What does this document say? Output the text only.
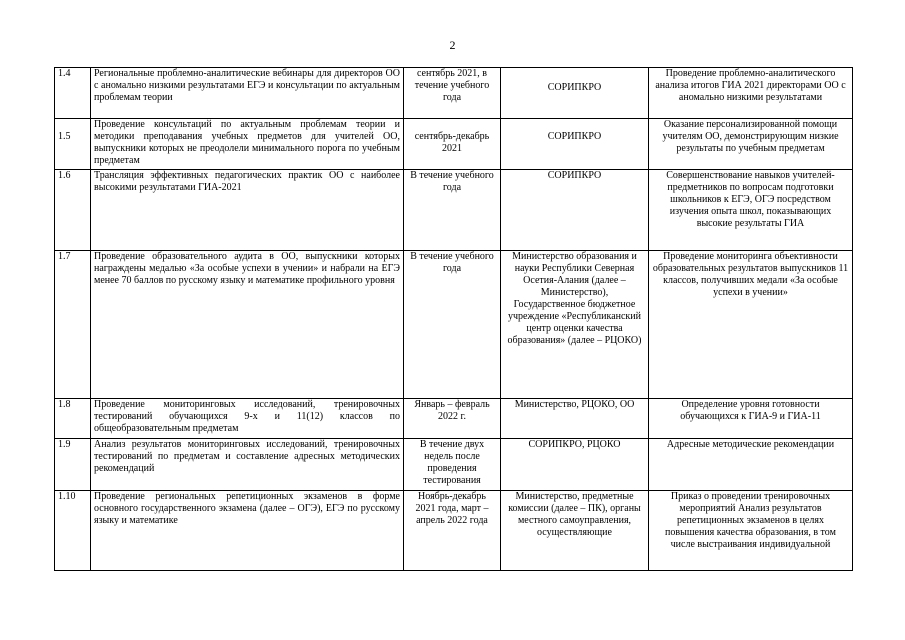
2
1.4	Региональные проблемно-аналитические вебинары для директоров ОО с аномально низкими результатами ЕГЭ и консультации по актуальным проблемам теории	сентябрь 2021, в течение учебного года	СОРИПКРО	Проведение проблемно-аналитического анализа итогов ГИА 2021 директорами ОО с аномально низкими результатами
1.5	Проведение консультаций по актуальным проблемам теории и методики преподавания учебных предметов для учителей ОО, выпускники которых не преодолели минимального порога по учебным предметам	сентябрь-декабрь 2021	СОРИПКРО	Оказание персонализированной помощи учителям ОО, демонстрирующим низкие результаты по учебным предметам
1.6	Трансляция эффективных педагогических практик ОО с наиболее высокими результатами ГИА-2021	В течение учебного года	СОРИПКРО	Совершенствование навыков учителей-предметников по вопросам подготовки школьников к ЕГЭ, ОГЭ посредством изучения опыта школ, показывающих высокие результаты ГИА
1.7	Проведение образовательного аудита в ОО, выпускники которых награждены медалью «За особые успехи в учении» и набрали на ЕГЭ менее 70 баллов по русскому языку и математике профильного уровня	В течение учебного года	Министерство образования и науки Республики Северная Осетия-Алания (далее – Министерство), Государственное бюджетное учреждение «Республиканский центр оценки качества образования» (далее – РЦОКО)	Проведение мониторинга объективности образовательных результатов выпускников 11 классов, получивших медали «За особые успехи в учении»
1.8	Проведение мониторинговых исследований, тренировочных тестирований обучающихся 9-х и 11(12) классов по общеобразовательным предметам	Январь – февраль 2022 г.	Министерство, РЦОКО, ОО	Определение уровня готовности обучающихся к ГИА-9 и ГИА-11
1.9	Анализ результатов мониторинговых исследований, тренировочных тестирований по предметам и составление адресных методических рекомендаций	В течение двух недель после проведения тестирования	СОРИПКРО, РЦОКО	Адресные методические рекомендации
1.10	Проведение региональных репетиционных экзаменов в форме основного государственного экзамена (далее – ОГЭ), ЕГЭ по русскому языку и математике	Ноябрь-декабрь 2021 года, март – апрель 2022 года	Министерство, предметные комиссии (далее – ПК), органы местного самоуправления, осуществляющие	Приказ о проведении тренировочных мероприятий Анализ результатов репетиционных экзаменов в целях повышения качества образования, в том числе выстраивания индивидуальной
